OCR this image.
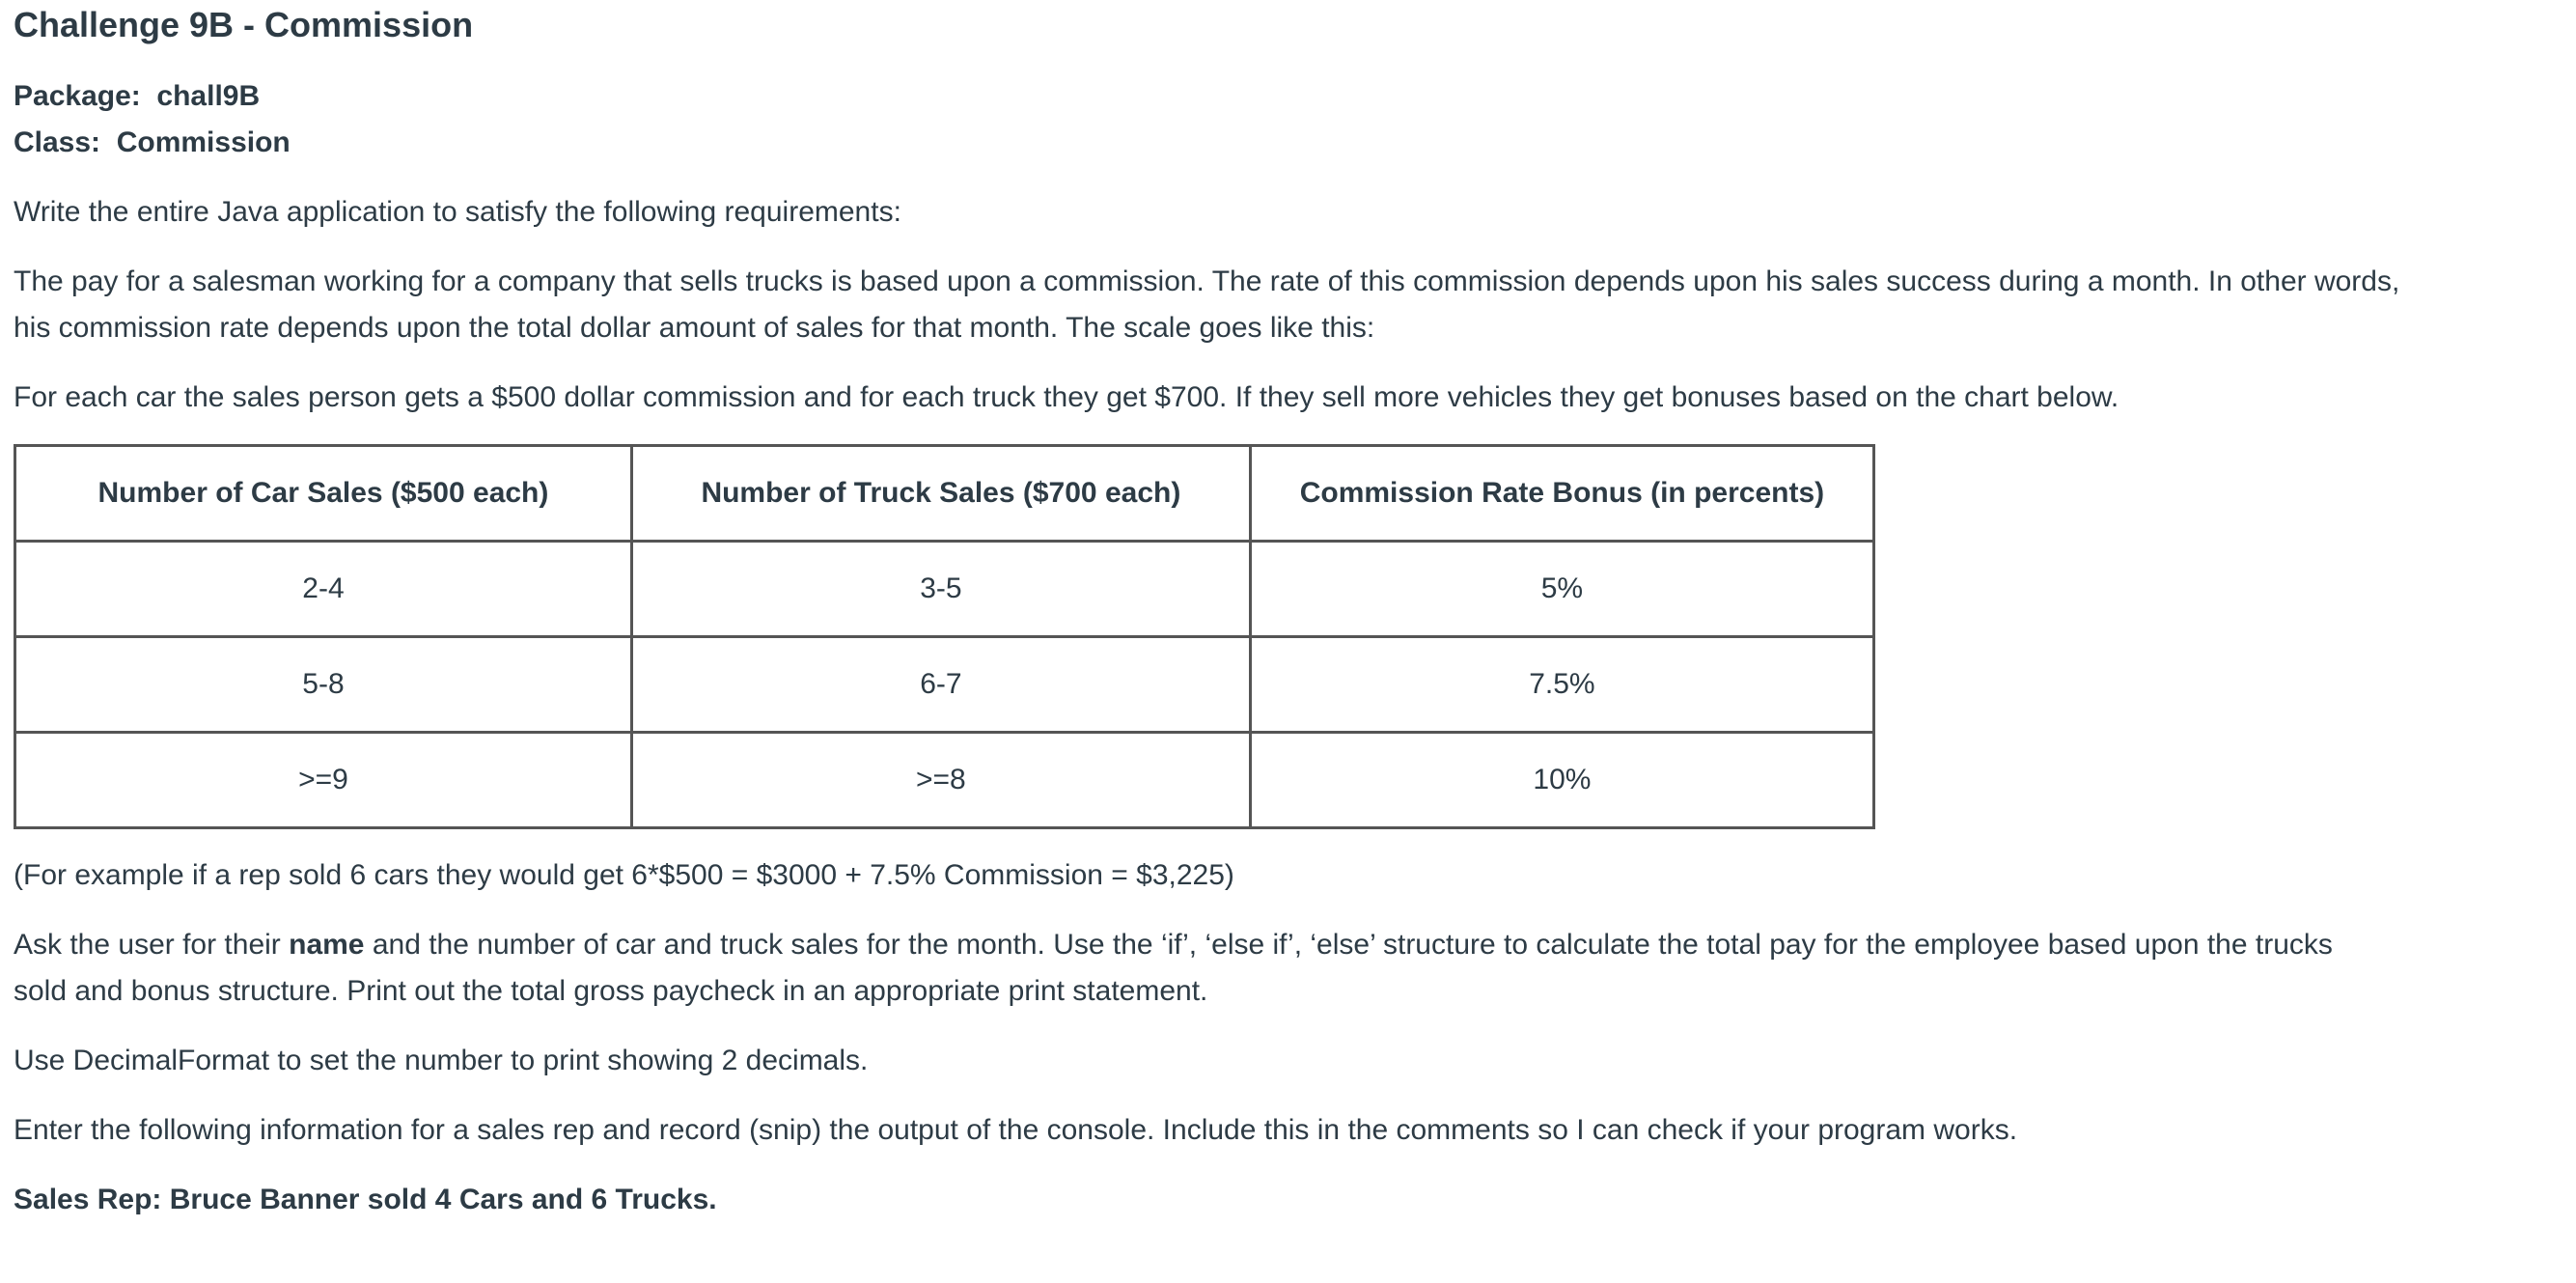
Challenge 9B - Commission
Package: chall9B
Class: Commission

Write the entire Java application to satisfy the following requirements:

The pay for a salesman working for a company that sells trucks is based upon a commission. The rate of this commission depends upon his sales success during a month. In other words,
his commission rate depends upon the total dollar amount of sales for that month. The scale goes like this:

For each car the sales person gets a $500 dollar commission and for each truck they get $700. If they sell more vehicles they get bonuses based on the chart below.

Number of Car Sales ($500 each)	Number of Truck Sales ($700 each)	Commission Rate Bonus (in percents)
2-4	3-5	5%
5-8	6-7	7.5%
>=9	>=8	10%

(For example if a rep sold 6 cars they would get 6*$500 = $3000 + 7.5% Commission = $3,225)

Ask the user for their name and the number of car and truck sales for the month. Use the ‘if’, ‘else if’, ‘else’ structure to calculate the total pay for the employee based upon the trucks
sold and bonus structure. Print out the total gross paycheck in an appropriate print statement.

Use DecimalFormat to set the number to print showing 2 decimals.

Enter the following information for a sales rep and record (snip) the output of the console. Include this in the comments so I can check if your program works.

Sales Rep: Bruce Banner sold 4 Cars and 6 Trucks.
